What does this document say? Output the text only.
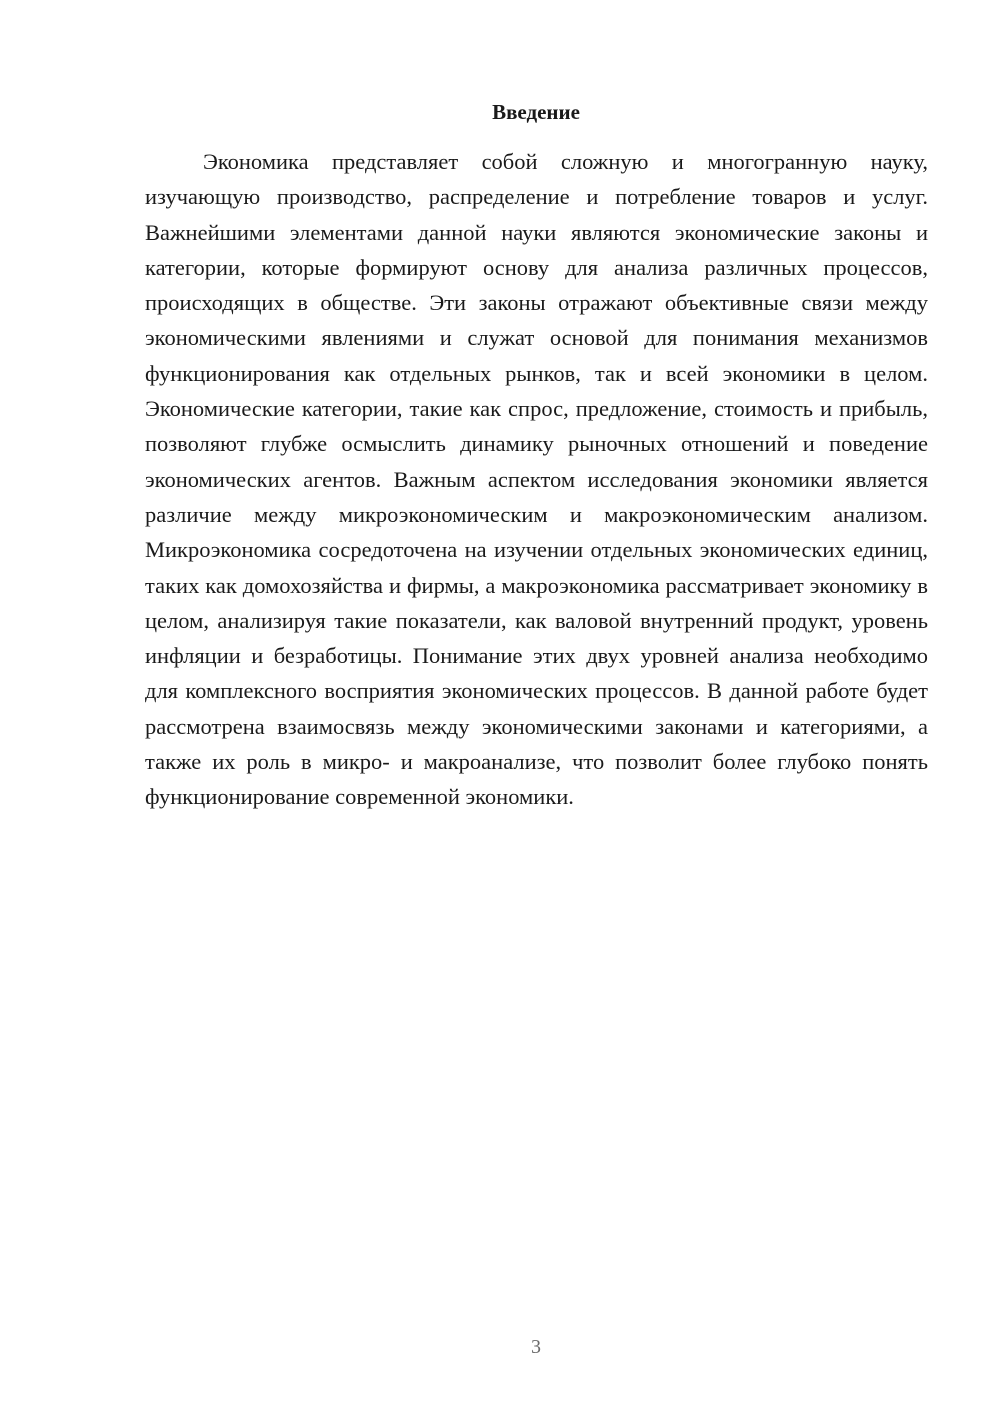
Введение

Экономика представляет собой сложную и многогранную науку, изучающую производство, распределение и потребление товаров и услуг. Важнейшими элементами данной науки являются экономические законы и категории, которые формируют основу для анализа различных процессов, происходящих в обществе. Эти законы отражают объективные связи между экономическими явлениями и служат основой для понимания механизмов функционирования как отдельных рынков, так и всей экономики в целом. Экономические категории, такие как спрос, предложение, стоимость и прибыль, позволяют глубже осмыслить динамику рыночных отношений и поведение экономических агентов. Важным аспектом исследования экономики является различие между микроэкономическим и макроэкономическим анализом. Микроэкономика сосредоточена на изучении отдельных экономических единиц, таких как домохозяйства и фирмы, а макроэкономика рассматривает экономику в целом, анализируя такие показатели, как валовой внутренний продукт, уровень инфляции и безработицы. Понимание этих двух уровней анализа необходимо для комплексного восприятия экономических процессов. В данной работе будет рассмотрена взаимосвязь между экономическими законами и категориями, а также их роль в микро- и макроанализе, что позволит более глубоко понять функционирование современной экономики.

3
